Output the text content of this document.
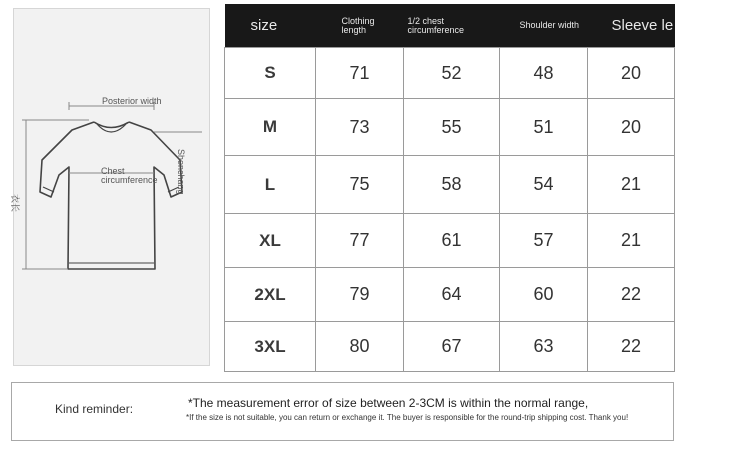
Posterior width
Chest
circumference Shenchang
衣长
size	Clothing length	1/2 chest circumference	Shoulder width	Sleeve le
S	71	52	48	20
M	73	55	51	20
L	75	58	54	21
XL	77	61	57	21
2XL	79	64	60	22
3XL	80	67	63	22
Kind reminder:	*The measurement error of size between 2-3CM is within the normal range,
*If the size is not suitable, you can return or exchange it. The buyer is responsible for the round-trip shipping cost. Thank you!
